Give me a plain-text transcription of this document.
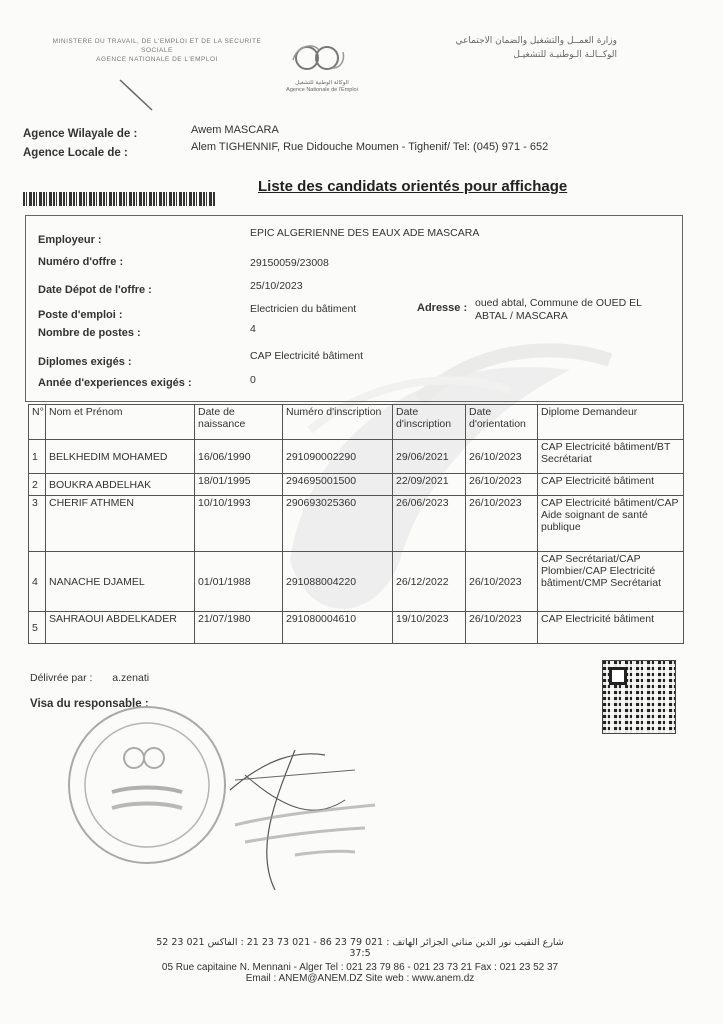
MINISTERE DU TRAVAIL, DE L'EMPLOI ET DE LA SECURITE SOCIALE
AGENCE NATIONALE DE L'EMPLOI
الوكالة الوطنية للتشغيل
Agence Nationale de l'Emploi
وزارة العمــل والتشغيل والضمان الاجتماعي
الوكــالـة الـوطنيـة للتشغيـل
Agence Wilayale de :
Agence Locale de :
Awem MASCARA
Alem TIGHENNIF, Rue Didouche Moumen - Tighenif/ Tel: (045) 971 - 652
Liste des candidats orientés pour affichage
Employeur :
EPIC ALGERIENNE DES EAUX ADE MASCARA
Numéro d'offre :	29150059/23008
Date Dépot de l'offre :	25/10/2023
Poste d'emploi :	Electricien du bâtiment	Adresse : oued abtal, Commune de OUED EL ABTAL / MASCARA
Nombre de postes :	4
Diplomes exigés :	CAP Electricité bâtiment
Année d'experiences exigés :	0
N°	Nom et Prénom	Date de naissance	Numéro d'inscription	Date d'inscription	Date d'orientation	Diplome Demandeur
1	BELKHEDIM MOHAMED	16/06/1990	291090002290	29/06/2021	26/10/2023	CAP Electricité bâtiment/BT Secrétariat
2	BOUKRA ABDELHAK	18/01/1995	294695001500	22/09/2021	26/10/2023	CAP Electricité bâtiment
3	CHERIF ATHMEN	10/10/1993	290693025360	26/06/2023	26/10/2023	CAP Electricité bâtiment/CAP Aide soignant de santé publique
4	NANACHE DJAMEL	01/01/1988	291088004220	26/12/2022	26/10/2023	CAP Secrétariat/CAP Plombier/CAP Electricité bâtiment/CMP Secrétariat
5	SAHRAOUI ABDELKADER	21/07/1980	291080004610	19/10/2023	26/10/2023	CAP Electricité bâtiment
Délivrée par : a.zenati
Visa du responsable :
شارع النقيب نور الدين مناني الجزائر الهاتف : 021 79 23 86 - 021 73 23 21 : الفاكس 021 23 52
37:5
05 Rue capitaine N. Mennani - Alger Tel : 021 23 79 86 - 021 23 73 21 Fax : 021 23 52 37
Email : ANEM@ANEM.DZ Site web : www.anem.dz
